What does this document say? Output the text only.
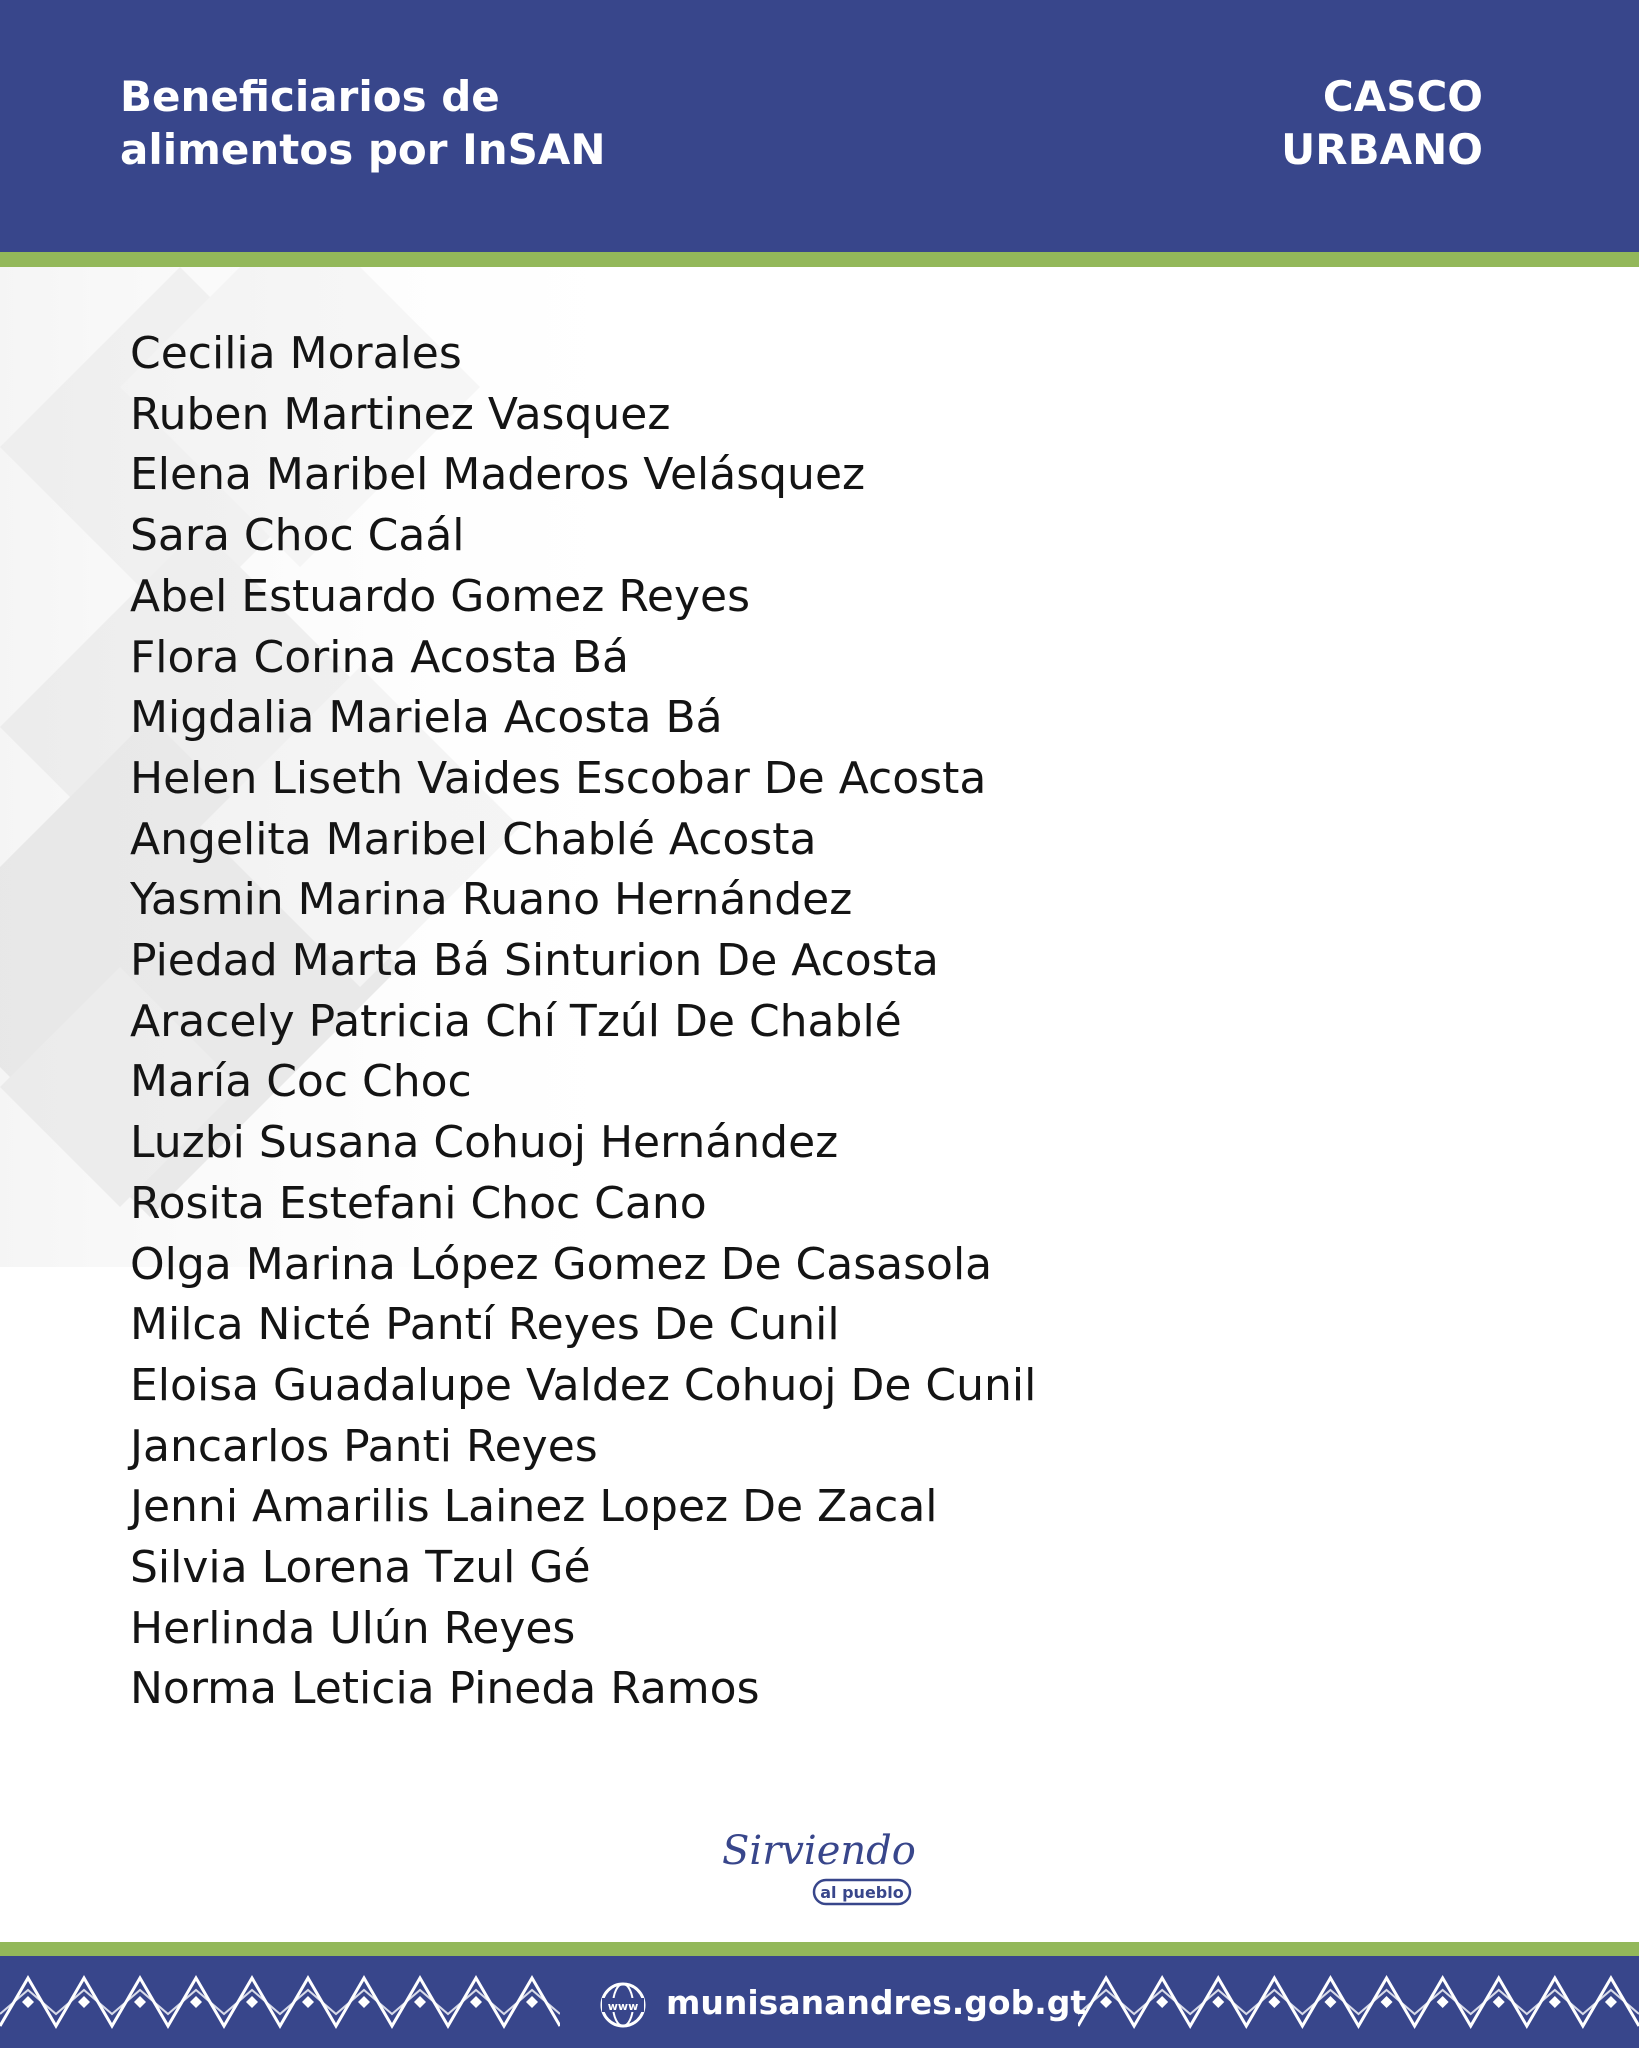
Beneficiarios de
alimentos por InSAN
CASCO
URBANO
Cecilia Morales
Ruben Martinez Vasquez
Elena Maribel Maderos Velásquez
Sara Choc Caál
Abel Estuardo Gomez Reyes
Flora Corina Acosta Bá
Migdalia Mariela Acosta Bá
Helen Liseth Vaides Escobar De Acosta
Angelita Maribel Chablé Acosta
Yasmin Marina Ruano Hernández
Piedad Marta Bá Sinturion De Acosta
Aracely Patricia Chí Tzúl De Chablé
María Coc Choc
Luzbi Susana Cohuoj Hernández
Rosita Estefani Choc Cano
Olga Marina López Gomez De Casasola
Milca Nicté Pantí Reyes De Cunil
Eloisa Guadalupe Valdez Cohuoj De Cunil
Jancarlos Panti Reyes
Jenni Amarilis Lainez Lopez De Zacal
Silvia Lorena Tzul Gé
Herlinda Ulún Reyes
Norma Leticia Pineda Ramos
Sirviendo
al pueblo
www munisanandres.gob.gt
